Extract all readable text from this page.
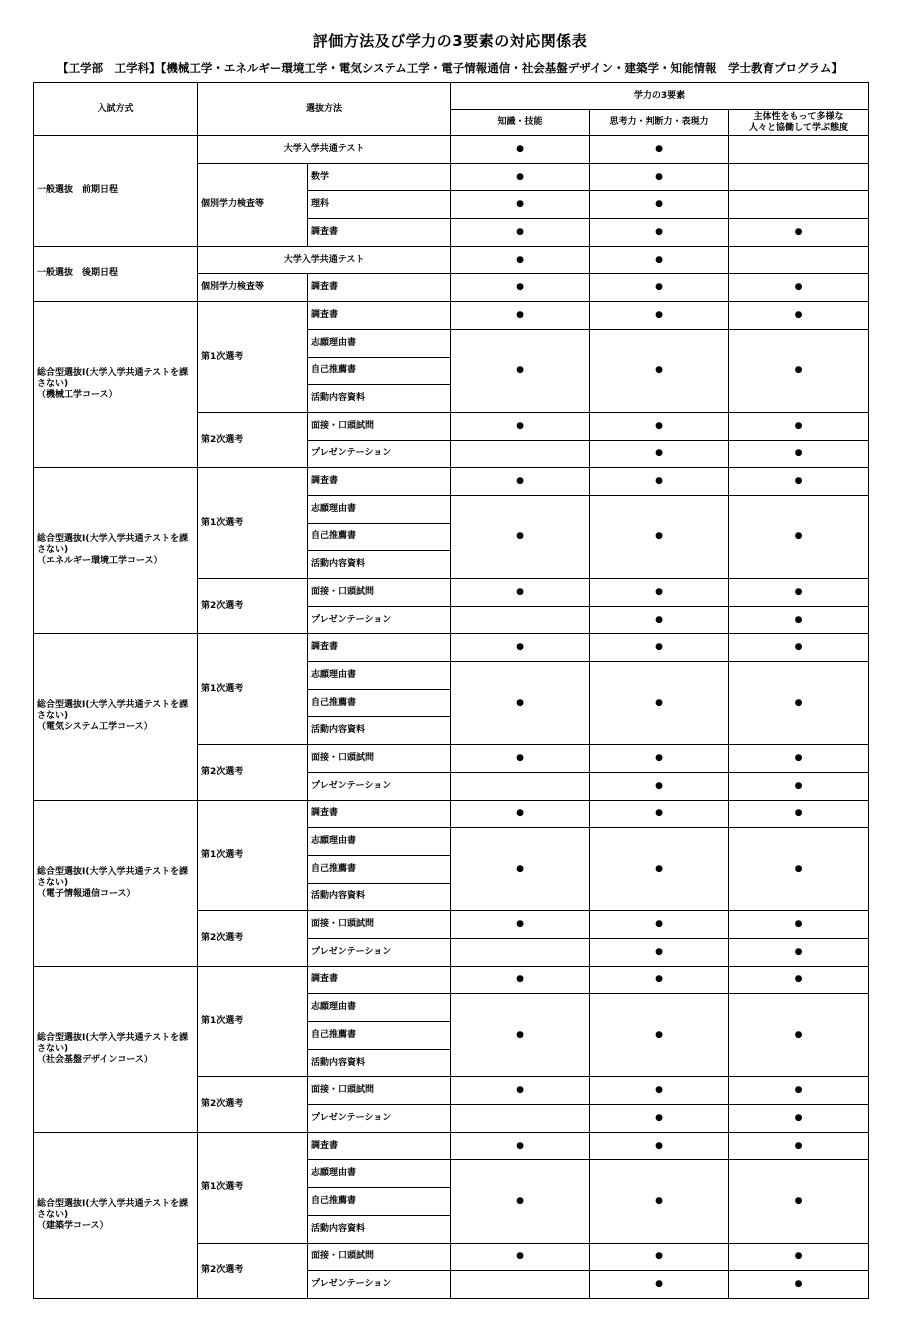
評価方法及び学力の3要素の対応関係表
【工学部　工学科】【機械工学・エネルギー環境工学・電気システム工学・電子情報通信・社会基盤デザイン・建築学・知能情報　学士教育プログラム】
入試方式	選抜方法		学力の3要素		
			知識・技能	思考力・判断力・表現力	主体性をもって多様な
人々と協働して学ぶ態度
一般選抜　前期日程	大学入学共通テスト		●	●	
	個別学力検査等	数学	●	●	
		理科	●	●	
		調査書	●	●	●
一般選抜　後期日程	大学入学共通テスト		●	●	
	個別学力検査等	調査書	●	●	●
総合型選抜Ⅰ(大学入学共通テストを課さない)
（機械工学コース）	第1次選考	調査書	●	●	●
		志願理由書	●	●	●
		自己推薦書			
		活動内容資料			
	第2次選考	面接・口頭試問	●	●	●
		プレゼンテーション		●	●
総合型選抜Ⅰ(大学入学共通テストを課さない)
（エネルギー環境工学コース）	第1次選考	調査書	●	●	●
		志願理由書	●	●	●
		自己推薦書			
		活動内容資料			
	第2次選考	面接・口頭試問	●	●	●
		プレゼンテーション		●	●
総合型選抜Ⅰ(大学入学共通テストを課さない)
（電気システム工学コース）	第1次選考	調査書	●	●	●
		志願理由書	●	●	●
		自己推薦書			
		活動内容資料			
	第2次選考	面接・口頭試問	●	●	●
		プレゼンテーション		●	●
総合型選抜Ⅰ(大学入学共通テストを課さない)
（電子情報通信コース）	第1次選考	調査書	●	●	●
		志願理由書	●	●	●
		自己推薦書			
		活動内容資料			
	第2次選考	面接・口頭試問	●	●	●
		プレゼンテーション		●	●
総合型選抜Ⅰ(大学入学共通テストを課さない)
（社会基盤デザインコース）	第1次選考	調査書	●	●	●
		志願理由書	●	●	●
		自己推薦書			
		活動内容資料			
	第2次選考	面接・口頭試問	●	●	●
		プレゼンテーション		●	●
総合型選抜Ⅰ(大学入学共通テストを課さない)
（建築学コース）	第1次選考	調査書	●	●	●
		志願理由書	●	●	●
		自己推薦書			
		活動内容資料			
	第2次選考	面接・口頭試問	●	●	●
		プレゼンテーション		●	●
